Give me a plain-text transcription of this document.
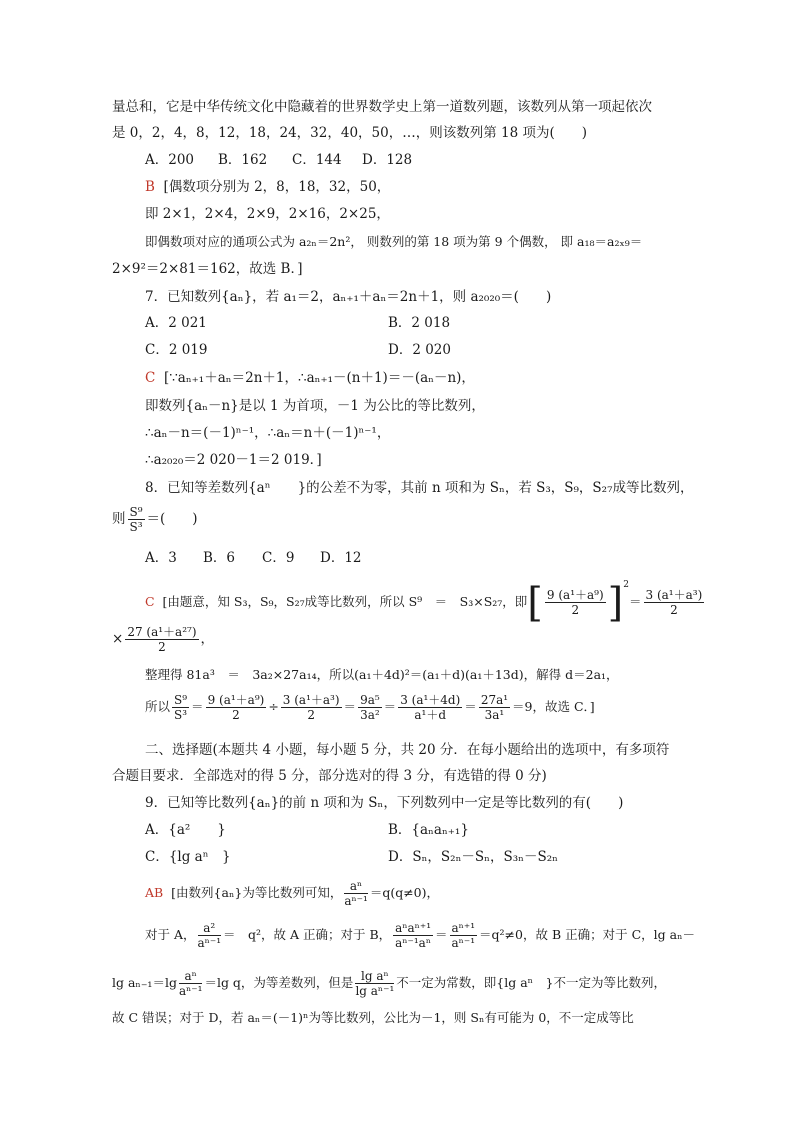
量总和，它是中华传统文化中隐藏着的世界数学史上第一道数列题，该数列从第一项起依次
是 0，2，4，8，12，18，24，32，40，50，…，则该数列第 18 项为(　　)
A．200 B．162 C．144 D．128
B [偶数项分别为 2，8，18，32，50，
即 2×1，2×4，2×9，2×16，2×25，
即偶数项对应的通项公式为 a₂ₙ＝2n²， 则数列的第 18 项为第 9 个偶数， 即 a₁₈＝a₂ₓ₉＝
2×9²＝2×81＝162，故选 B．]
7．已知数列{aₙ}，若 a₁＝2，aₙ₊₁＋aₙ＝2n＋1，则 a₂₀₂₀＝(　　)
A．2 021	B．2 018
C．2 019	D．2 020
C [∵aₙ₊₁＋aₙ＝2n＋1，∴aₙ₊₁－(n＋1)＝－(aₙ－n)，
即数列{aₙ－n}是以 1 为首项，－1 为公比的等比数列，
∴aₙ－n＝(－1)ⁿ⁻¹，∴aₙ＝n＋(－1)ⁿ⁻¹，
∴a₂₀₂₀＝2 020－1＝2 019．]
8．已知等差数列{aⁿ　　}的公差不为零，其前 n 项和为 Sₙ，若 S₃，S₉，S₂₇成等比数列，
则 $\frac{\text{S⁹}}{\text{S³}}$ ＝(　　)
A．3 B．6 C．9 D．12
C [由题意，知 S₃，S₉，S₂₇成等比数列，所以 S⁹　＝　S₃×S₂₇，即[ $\frac{\text{9 (a¹＋a⁹)}}{2} ]^2= \frac{\text{3 (a¹＋a³)}}{2}$
× $\frac{\text{27 (a¹＋a²⁷)}}{2}$ ，
整理得 81a³　＝　3a₂×27a₁₄，所以(a₁＋4d)²＝(a₁＋d)(a₁＋13d)，解得 d＝2a₁，
所以 $\frac{\text{S⁹}}{\text{S³}} = \frac{\text{9 (a¹＋a⁹)}}{2} \div \frac{\text{3 (a¹＋a³)}}{2} = \frac{\text{9a⁵}}{\text{3a²}} = \frac{\text{3 (a¹＋4d)}}{\text{a¹＋d}} = \frac{\text{27a¹}}{\text{3a¹}} =9$，故选 C．]
二、选择题(本题共 4 小题，每小题 5 分，共 20 分．在每小题给出的选项中，有多项符
合题目要求．全部选对的得 5 分，部分选对的得 3 分，有选错的得 0 分)
9．已知等比数列{aₙ}的前 n 项和为 Sₙ，下列数列中一定是等比数列的有(　　)
A．{a²　　}	B．{aₙaₙ₊₁}
C．{lg aⁿ　}	D．Sₙ，S₂ₙ－Sₙ，S₃ₙ－S₂ₙ
AB [由数列{aₙ}为等比数列可知， $\frac{\text{aⁿ}}{\text{aⁿ⁻¹}} =q(q\ne 0)$，
对于 A， $\frac{\text{a²}}{\text{aⁿ⁻¹}}$ ＝　q²，故 A 正确；对于 B， $\frac{\text{aⁿaⁿ⁺¹}}{\text{aⁿ⁻¹aⁿ}} = \frac{\text{aⁿ⁺¹}}{\text{aⁿ⁻¹}} =q^2\ne 0$，故 B 正确；对于 C，lg aₙ－
$\lg a_{n-1}=\lg \frac{\text{aⁿ}}{\text{aⁿ⁻¹}} =\lg$ q，为等差数列，但是 $\frac{\text{lg aⁿ}}{\text{lg aⁿ⁻¹}}$ 不一定为常数，即{lg aⁿ　}不一定为等比数列，
故 C 错误；对于 D，若 aₙ＝(－1)ⁿ为等比数列，公比为－1，则 Sₙ有可能为 0，不一定成等比
